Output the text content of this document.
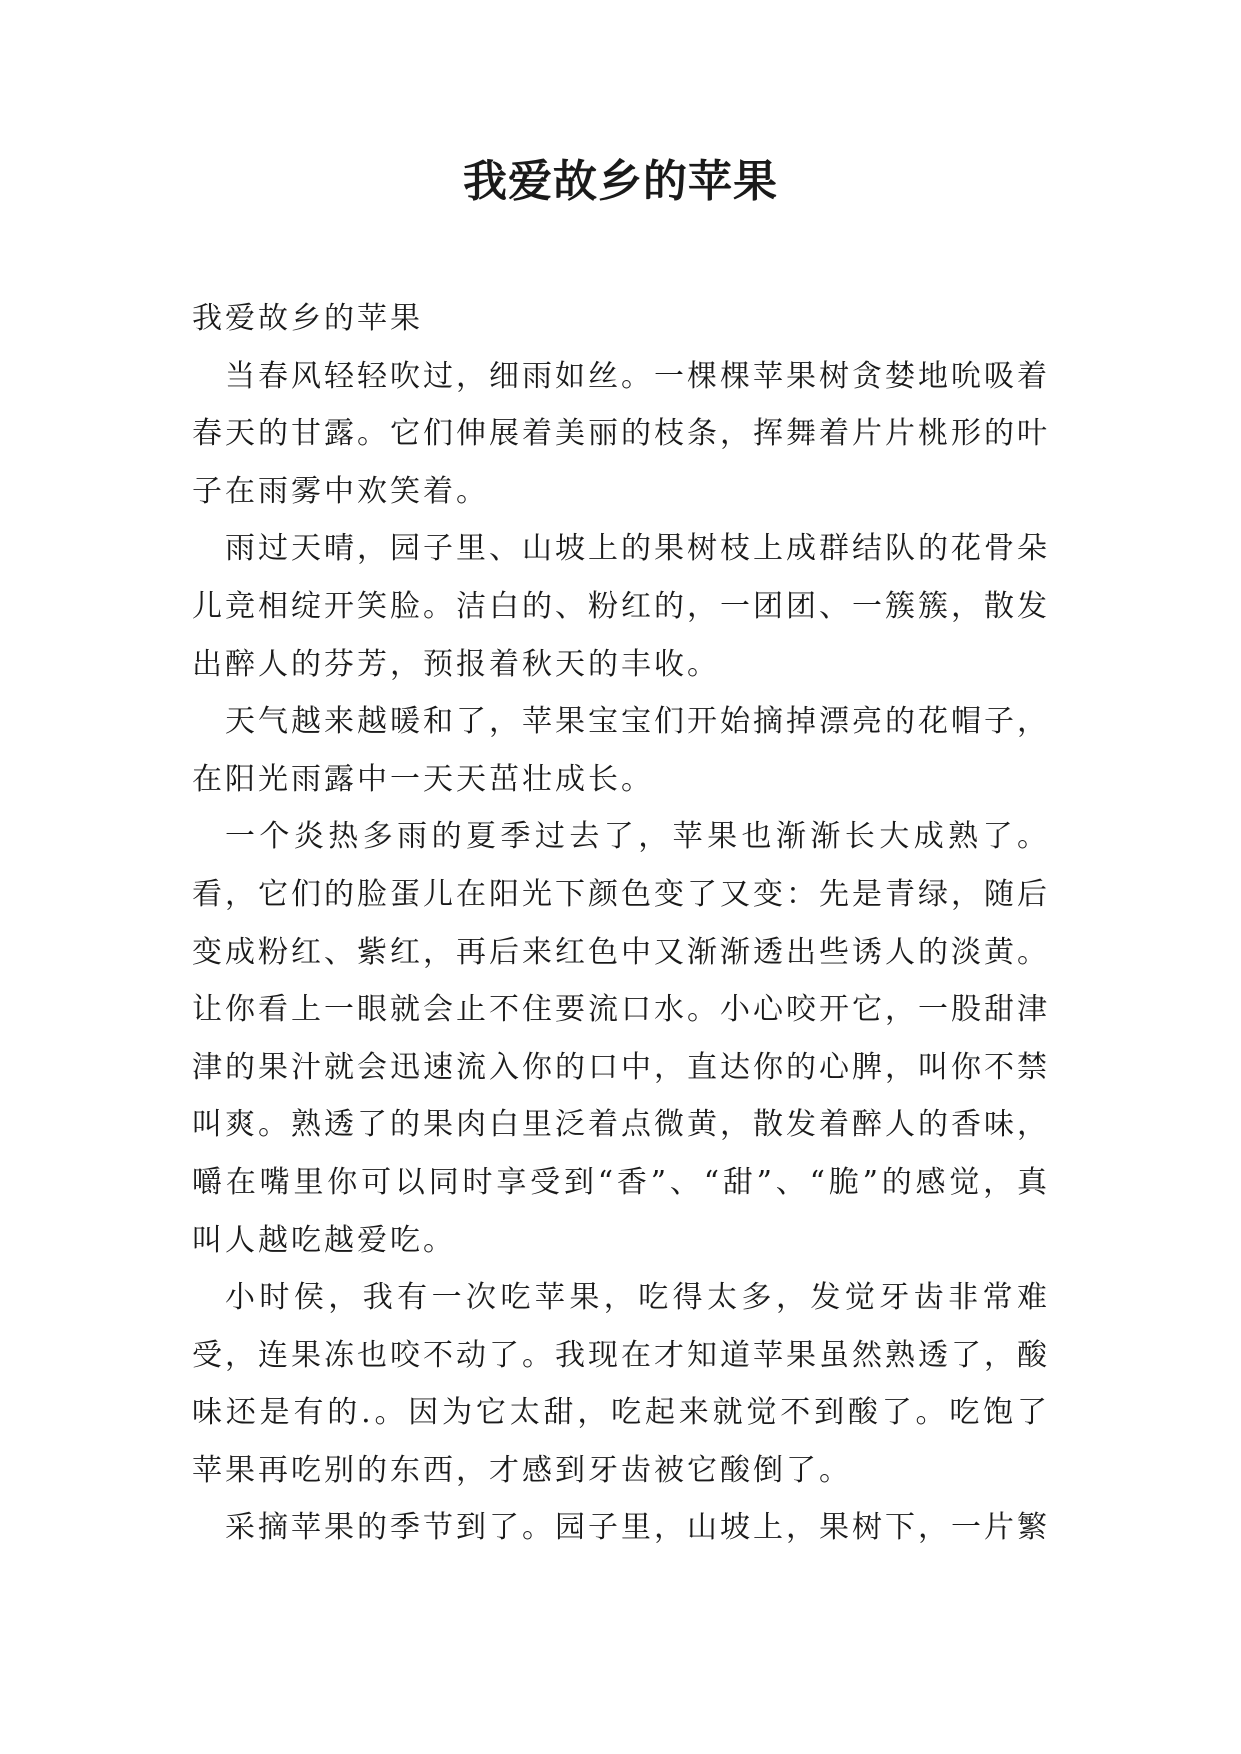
我爱故乡的苹果

我爱故乡的苹果

当春风轻轻吹过，细雨如丝。一棵棵苹果树贪婪地吮吸着春天的甘露。它们伸展着美丽的枝条，挥舞着片片桃形的叶子在雨雾中欢笑着。

雨过天晴，园子里、山坡上的果树枝上成群结队的花骨朵儿竞相绽开笑脸。洁白的、粉红的，一团团、一簇簇，散发出醉人的芬芳，预报着秋天的丰收。

天气越来越暖和了，苹果宝宝们开始摘掉漂亮的花帽子，在阳光雨露中一天天茁壮成长。

一个炎热多雨的夏季过去了，苹果也渐渐长大成熟了。看，它们的脸蛋儿在阳光下颜色变了又变：先是青绿，随后变成粉红、紫红，再后来红色中又渐渐透出些诱人的淡黄。让你看上一眼就会止不住要流口水。小心咬开它，一股甜津津的果汁就会迅速流入你的口中，直达你的心脾，叫你不禁叫爽。熟透了的果肉白里泛着点微黄，散发着醉人的香味，嚼在嘴里你可以同时享受到“香”、“甜”、“脆”的感觉，真叫人越吃越爱吃。

小时侯，我有一次吃苹果，吃得太多，发觉牙齿非常难受，连果冻也咬不动了。我现在才知道苹果虽然熟透了，酸味还是有的.。因为它太甜，吃起来就觉不到酸了。吃饱了苹果再吃别的东西，才感到牙齿被它酸倒了。

采摘苹果的季节到了。园子里，山坡上，果树下，一片繁
